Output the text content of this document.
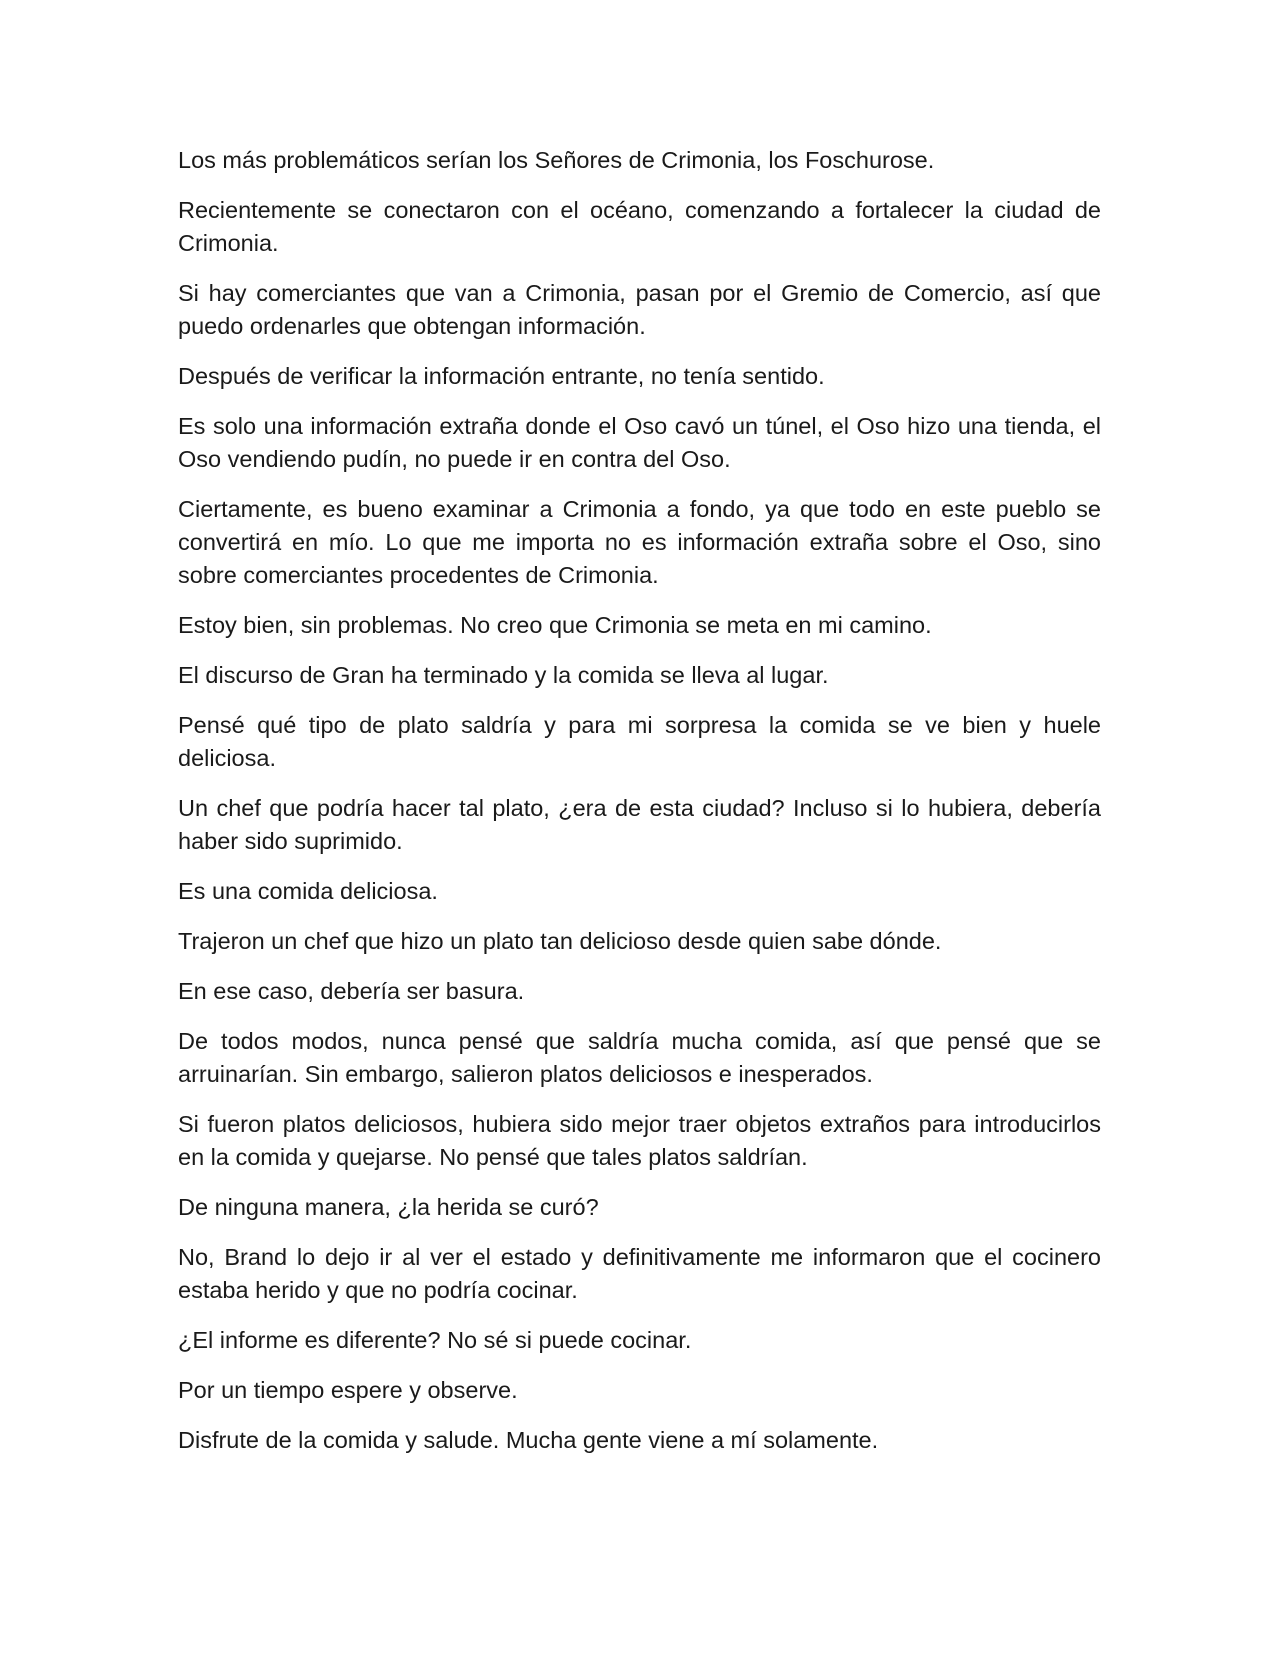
Los más problemáticos serían los Señores de Crimonia, los Foschurose.

Recientemente se conectaron con el océano, comenzando a fortalecer la ciudad de Crimonia.

Si hay comerciantes que van a Crimonia, pasan por el Gremio de Comercio, así que puedo ordenarles que obtengan información.

Después de verificar la información entrante, no tenía sentido.

Es solo una información extraña donde el Oso cavó un túnel, el Oso hizo una tienda, el Oso vendiendo pudín, no puede ir en contra del Oso.

Ciertamente, es bueno examinar a Crimonia a fondo, ya que todo en este pueblo se convertirá en mío. Lo que me importa no es información extraña sobre el Oso, sino sobre comerciantes procedentes de Crimonia.

Estoy bien, sin problemas. No creo que Crimonia se meta en mi camino.

El discurso de Gran ha terminado y la comida se lleva al lugar.

Pensé qué tipo de plato saldría y para mi sorpresa la comida se ve bien y huele deliciosa.

Un chef que podría hacer tal plato, ¿era de esta ciudad? Incluso si lo hubiera, debería haber sido suprimido.

Es una comida deliciosa.

Trajeron un chef que hizo un plato tan delicioso desde quien sabe dónde.

En ese caso, debería ser basura.

De todos modos, nunca pensé que saldría mucha comida, así que pensé que se arruinarían. Sin embargo, salieron platos deliciosos e inesperados.

Si fueron platos deliciosos, hubiera sido mejor traer objetos extraños para introducirlos en la comida y quejarse. No pensé que tales platos saldrían.

De ninguna manera, ¿la herida se curó?

No, Brand lo dejo ir al ver el estado y definitivamente me informaron que el cocinero estaba herido y que no podría cocinar.

¿El informe es diferente? No sé si puede cocinar.

Por un tiempo espere y observe.

Disfrute de la comida y salude. Mucha gente viene a mí solamente.
